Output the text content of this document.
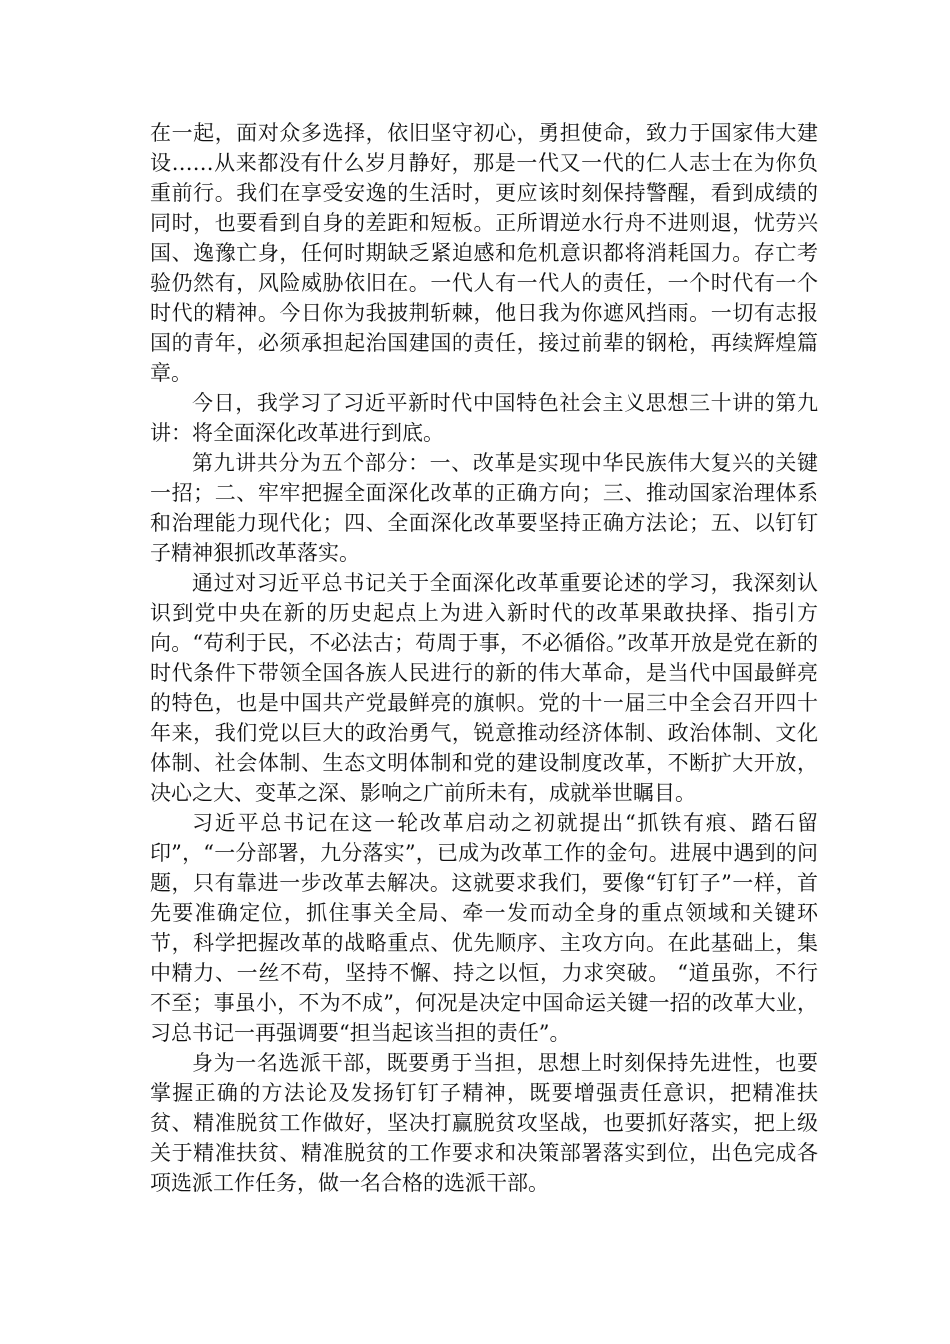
在一起，面对众多选择，依旧坚守初心，勇担使命，致力于国家伟大建设……从来都没有什么岁月静好，那是一代又一代的仁人志士在为你负重前行。我们在享受安逸的生活时，更应该时刻保持警醒，看到成绩的同时，也要看到自身的差距和短板。正所谓逆水行舟不进则退，忧劳兴国、逸豫亡身，任何时期缺乏紧迫感和危机意识都将消耗国力。存亡考验仍然有，风险威胁依旧在。一代人有一代人的责任，一个时代有一个时代的精神。今日你为我披荆斩棘，他日我为你遮风挡雨。一切有志报国的青年，必须承担起治国建国的责任，接过前辈的钢枪，再续辉煌篇章。

今日，我学习了习近平新时代中国特色社会主义思想三十讲的第九讲：将全面深化改革进行到底。

第九讲共分为五个部分：一、改革是实现中华民族伟大复兴的关键一招；二、牢牢把握全面深化改革的正确方向；三、推动国家治理体系和治理能力现代化；四、全面深化改革要坚持正确方法论；五、以钉钉子精神狠抓改革落实。

通过对习近平总书记关于全面深化改革重要论述的学习，我深刻认识到党中央在新的历史起点上为进入新时代的改革果敢抉择、指引方向。“苟利于民，不必法古；苟周于事，不必循俗。”改革开放是党在新的时代条件下带领全国各族人民进行的新的伟大革命，是当代中国最鲜亮的特色，也是中国共产党最鲜亮的旗帜。党的十一届三中全会召开四十年来，我们党以巨大的政治勇气，锐意推动经济体制、政治体制、文化体制、社会体制、生态文明体制和党的建设制度改革，不断扩大开放，决心之大、变革之深、影响之广前所未有，成就举世瞩目。

习近平总书记在这一轮改革启动之初就提出“抓铁有痕、踏石留印”，“一分部署，九分落实”，已成为改革工作的金句。进展中遇到的问题，只有靠进一步改革去解决。这就要求我们，要像“钉钉子”一样，首先要准确定位，抓住事关全局、牵一发而动全身的重点领域和关键环节，科学把握改革的战略重点、优先顺序、主攻方向。在此基础上，集中精力、一丝不苟，坚持不懈、持之以恒，力求突破。 “道虽弥，不行不至；事虽小，不为不成”，何况是决定中国命运关键一招的改革大业，习总书记一再强调要“担当起该当担的责任”。

身为一名选派干部，既要勇于当担，思想上时刻保持先进性，也要掌握正确的方法论及发扬钉钉子精神，既要增强责任意识，把精准扶贫、精准脱贫工作做好，坚决打赢脱贫攻坚战，也要抓好落实，把上级关于精准扶贫、精准脱贫的工作要求和决策部署落实到位，出色完成各项选派工作任务，做一名合格的选派干部。
